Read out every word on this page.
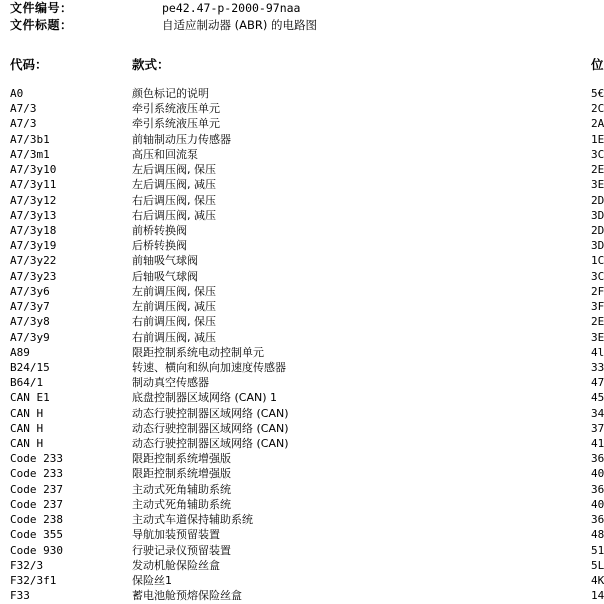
文件编号：	pe42.47-p-2000-97naa
文件标题：	自适应制动器 (ABR) 的电路图
代码：	款式：	位
A0	颜色标记的说明	5€
A7/3	牵引系统液压单元	2C
A7/3	牵引系统液压单元	2A
A7/3b1	前轴制动压力传感器	1E
A7/3m1	高压和回流泵	3C
A7/3y10	左后调压阀, 保压	2E
A7/3y11	左后调压阀, 减压	3E
A7/3y12	右后调压阀, 保压	2D
A7/3y13	右后调压阀, 减压	3D
A7/3y18	前桥转换阀	2D
A7/3y19	后桥转换阀	3D
A7/3y22	前轴吸气球阀	1C
A7/3y23	后轴吸气球阀	3C
A7/3y6	左前调压阀, 保压	2F
A7/3y7	左前调压阀, 减压	3F
A7/3y8	右前调压阀, 保压	2E
A7/3y9	右前调压阀, 减压	3E
A89	限距控制系统电动控制单元	4l
B24/15	转速、横向和纵向加速度传感器	33
B64/1	制动真空传感器	47
CAN E1	底盘控制器区域网络 (CAN) 1	45
CAN H	动态行驶控制器区域网络 (CAN)	34
CAN H	动态行驶控制器区域网络 (CAN)	37
CAN H	动态行驶控制器区域网络 (CAN)	41
Code 233	限距控制系统增强版	36
Code 233	限距控制系统增强版	40
Code 237	主动式死角辅助系统	36
Code 237	主动式死角辅助系统	40
Code 238	主动式车道保持辅助系统	36
Code 355	导航加装预留装置	48
Code 930	行驶记录仪预留装置	51
F32/3	发动机舱保险丝盒	5L
F32/3f1	保险丝1	4K
F33	蓄电池舱预熔保险丝盒	14
